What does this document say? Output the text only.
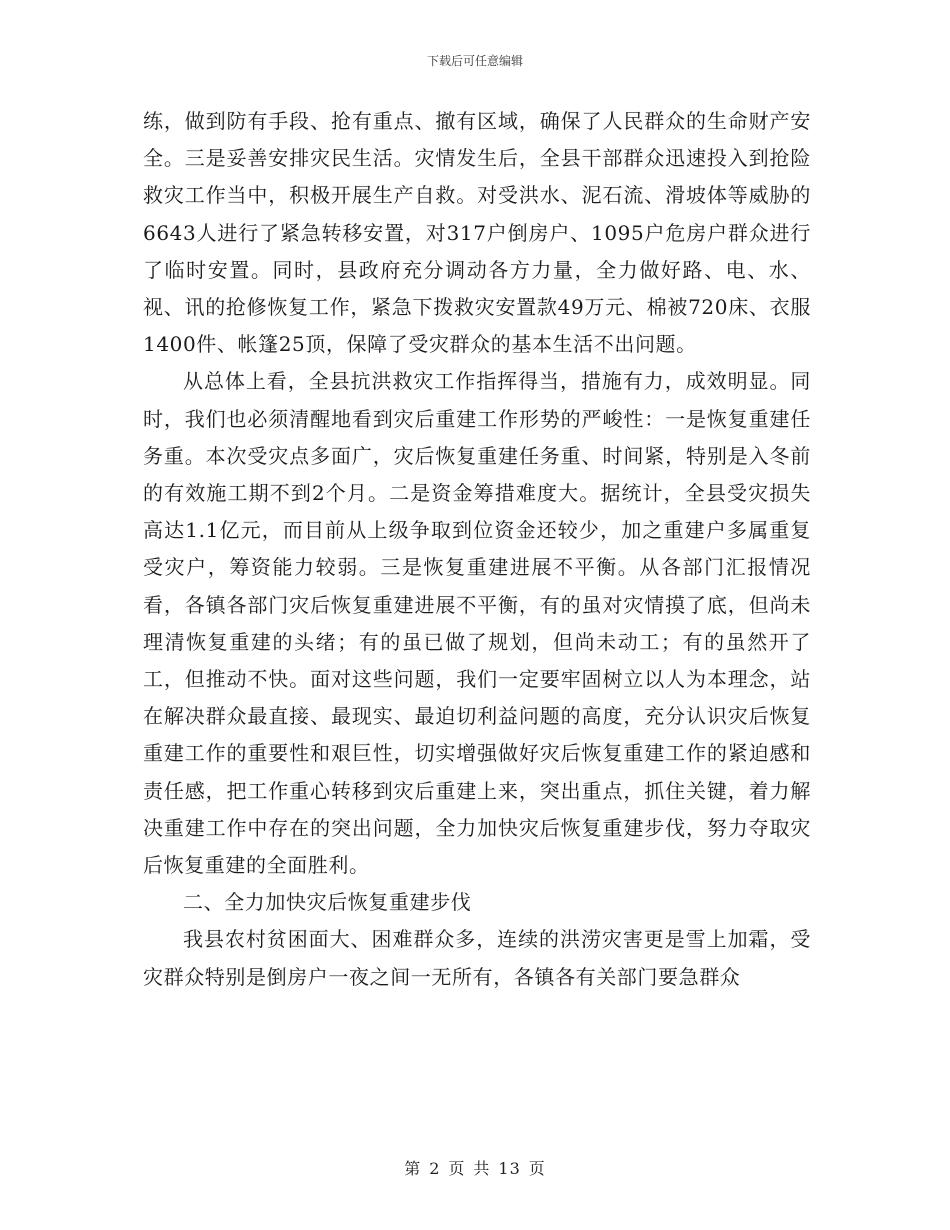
下载后可任意编辑

练，做到防有手段、抢有重点、撤有区域，确保了人民群众的生命财产安全。三是妥善安排灾民生活。灾情发生后，全县干部群众迅速投入到抢险救灾工作当中，积极开展生产自救。对受洪水、泥石流、滑坡体等威胁的6643人进行了紧急转移安置，对317户倒房户、1095户危房户群众进行了临时安置。同时，县政府充分调动各方力量，全力做好路、电、水、视、讯的抢修恢复工作，紧急下拨救灾安置款49万元、棉被720床、衣服1400件、帐篷25顶，保障了受灾群众的基本生活不出问题。

从总体上看，全县抗洪救灾工作指挥得当，措施有力，成效明显。同时，我们也必须清醒地看到灾后重建工作形势的严峻性：一是恢复重建任务重。本次受灾点多面广，灾后恢复重建任务重、时间紧，特别是入冬前的有效施工期不到2个月。二是资金筹措难度大。据统计，全县受灾损失高达1.1亿元，而目前从上级争取到位资金还较少，加之重建户多属重复受灾户，筹资能力较弱。三是恢复重建进展不平衡。从各部门汇报情况看，各镇各部门灾后恢复重建进展不平衡，有的虽对灾情摸了底，但尚未理清恢复重建的头绪；有的虽已做了规划，但尚未动工；有的虽然开了工，但推动不快。面对这些问题，我们一定要牢固树立以人为本理念，站在解决群众最直接、最现实、最迫切利益问题的高度，充分认识灾后恢复重建工作的重要性和艰巨性，切实增强做好灾后恢复重建工作的紧迫感和责任感，把工作重心转移到灾后重建上来，突出重点，抓住关键，着力解决重建工作中存在的突出问题，全力加快灾后恢复重建步伐，努力夺取灾后恢复重建的全面胜利。

二、全力加快灾后恢复重建步伐

我县农村贫困面大、困难群众多，连续的洪涝灾害更是雪上加霜，受灾群众特别是倒房户一夜之间一无所有，各镇各有关部门要急群众

第 2 页 共 13 页
